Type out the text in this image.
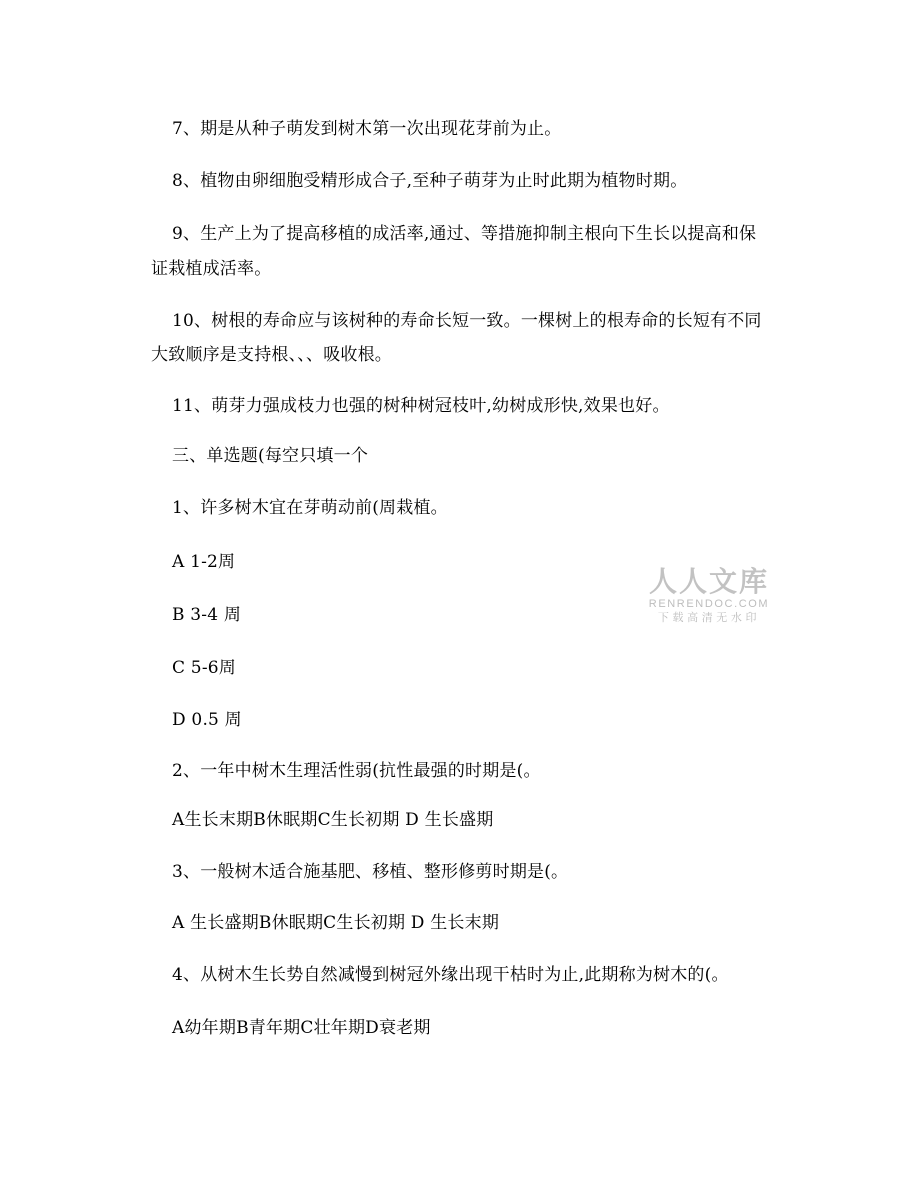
7、期是从种子萌发到树木第一次出现花芽前为止。
8、植物由卵细胞受精形成合子,至种子萌芽为止时此期为植物时期。
9、生产上为了提高移植的成活率,通过、等措施抑制主根向下生长以提高和保
证栽植成活率。
10、树根的寿命应与该树种的寿命长短一致。一棵树上的根寿命的长短有不同
大致顺序是支持根、、、吸收根。
11、萌芽力强成枝力也强的树种树冠枝叶,幼树成形快,效果也好。
三、单选题(每空只填一个
1、许多树木宜在芽萌动前(周栽植。
A 1-2周
B 3-4 周
C 5-6周
D 0.5 周
2、一年中树木生理活性弱(抗性最强的时期是(。
A生长末期B休眠期C生长初期 D 生长盛期
3、一般树木适合施基肥、移植、整形修剪时期是(。
A 生长盛期B休眠期C生长初期 D 生长末期
4、从树木生长势自然减慢到树冠外缘出现干枯时为止,此期称为树木的(。
A幼年期B青年期C壮年期D衰老期
人人文库
RENRENDOC.COM
下载高清无水印
